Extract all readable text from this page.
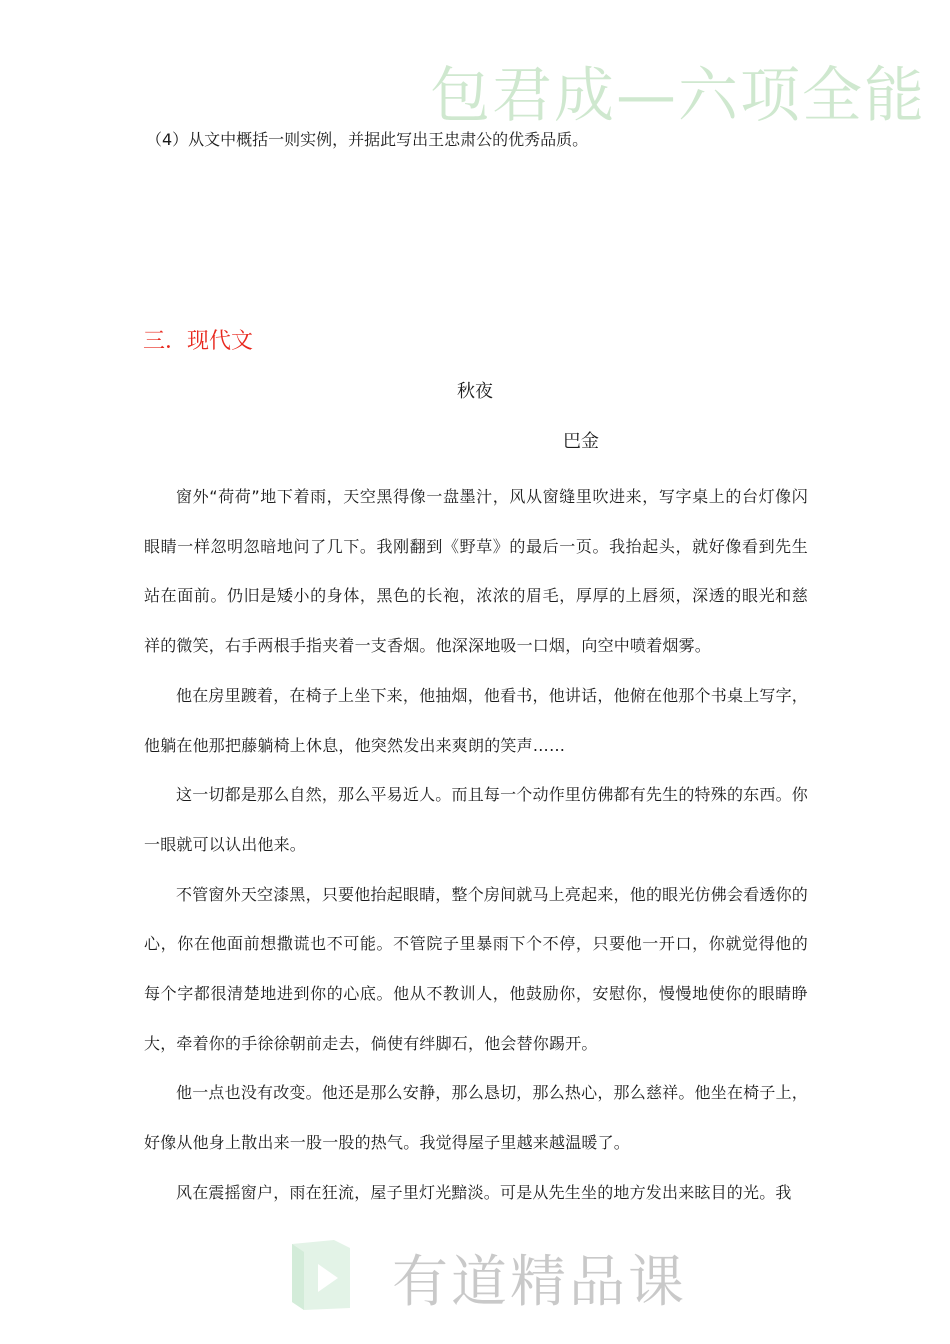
包君成—六项全能
（4）从文中概括一则实例，并据此写出王忠肃公的优秀品质。
三．现代文
秋夜
巴金

窗外“荷荷”地下着雨，天空黑得像一盘墨汁，风从窗缝里吹进来，写字桌上的台灯像闪眼睛一样忽明忽暗地问了几下。我刚翻到《野草》的最后一页。我抬起头，就好像看到先生站在面前。仍旧是矮小的身体，黑色的长袍，浓浓的眉毛，厚厚的上唇须，深透的眼光和慈祥的微笑，右手两根手指夹着一支香烟。他深深地吸一口烟，向空中喷着烟雾。

他在房里踱着，在椅子上坐下来，他抽烟，他看书，他讲话，他俯在他那个书桌上写字，他躺在他那把藤躺椅上休息，他突然发出来爽朗的笑声……

这一切都是那么自然，那么平易近人。而且每一个动作里仿佛都有先生的特殊的东西。你一眼就可以认出他来。

不管窗外天空漆黑，只要他抬起眼睛，整个房间就马上亮起来，他的眼光仿佛会看透你的心，你在他面前想撒谎也不可能。不管院子里暴雨下个不停，只要他一开口，你就觉得他的每个字都很清楚地进到你的心底。他从不教训人，他鼓励你，安慰你，慢慢地使你的眼睛睁大，牵着你的手徐徐朝前走去，倘使有绊脚石，他会替你踢开。

他一点也没有改变。他还是那么安静，那么恳切，那么热心，那么慈祥。他坐在椅子上，好像从他身上散出来一股一股的热气。我觉得屋子里越来越温暖了。

风在震摇窗户，雨在狂流，屋子里灯光黯淡。可是从先生坐的地方发出来眩目的光。我

有道精品课
